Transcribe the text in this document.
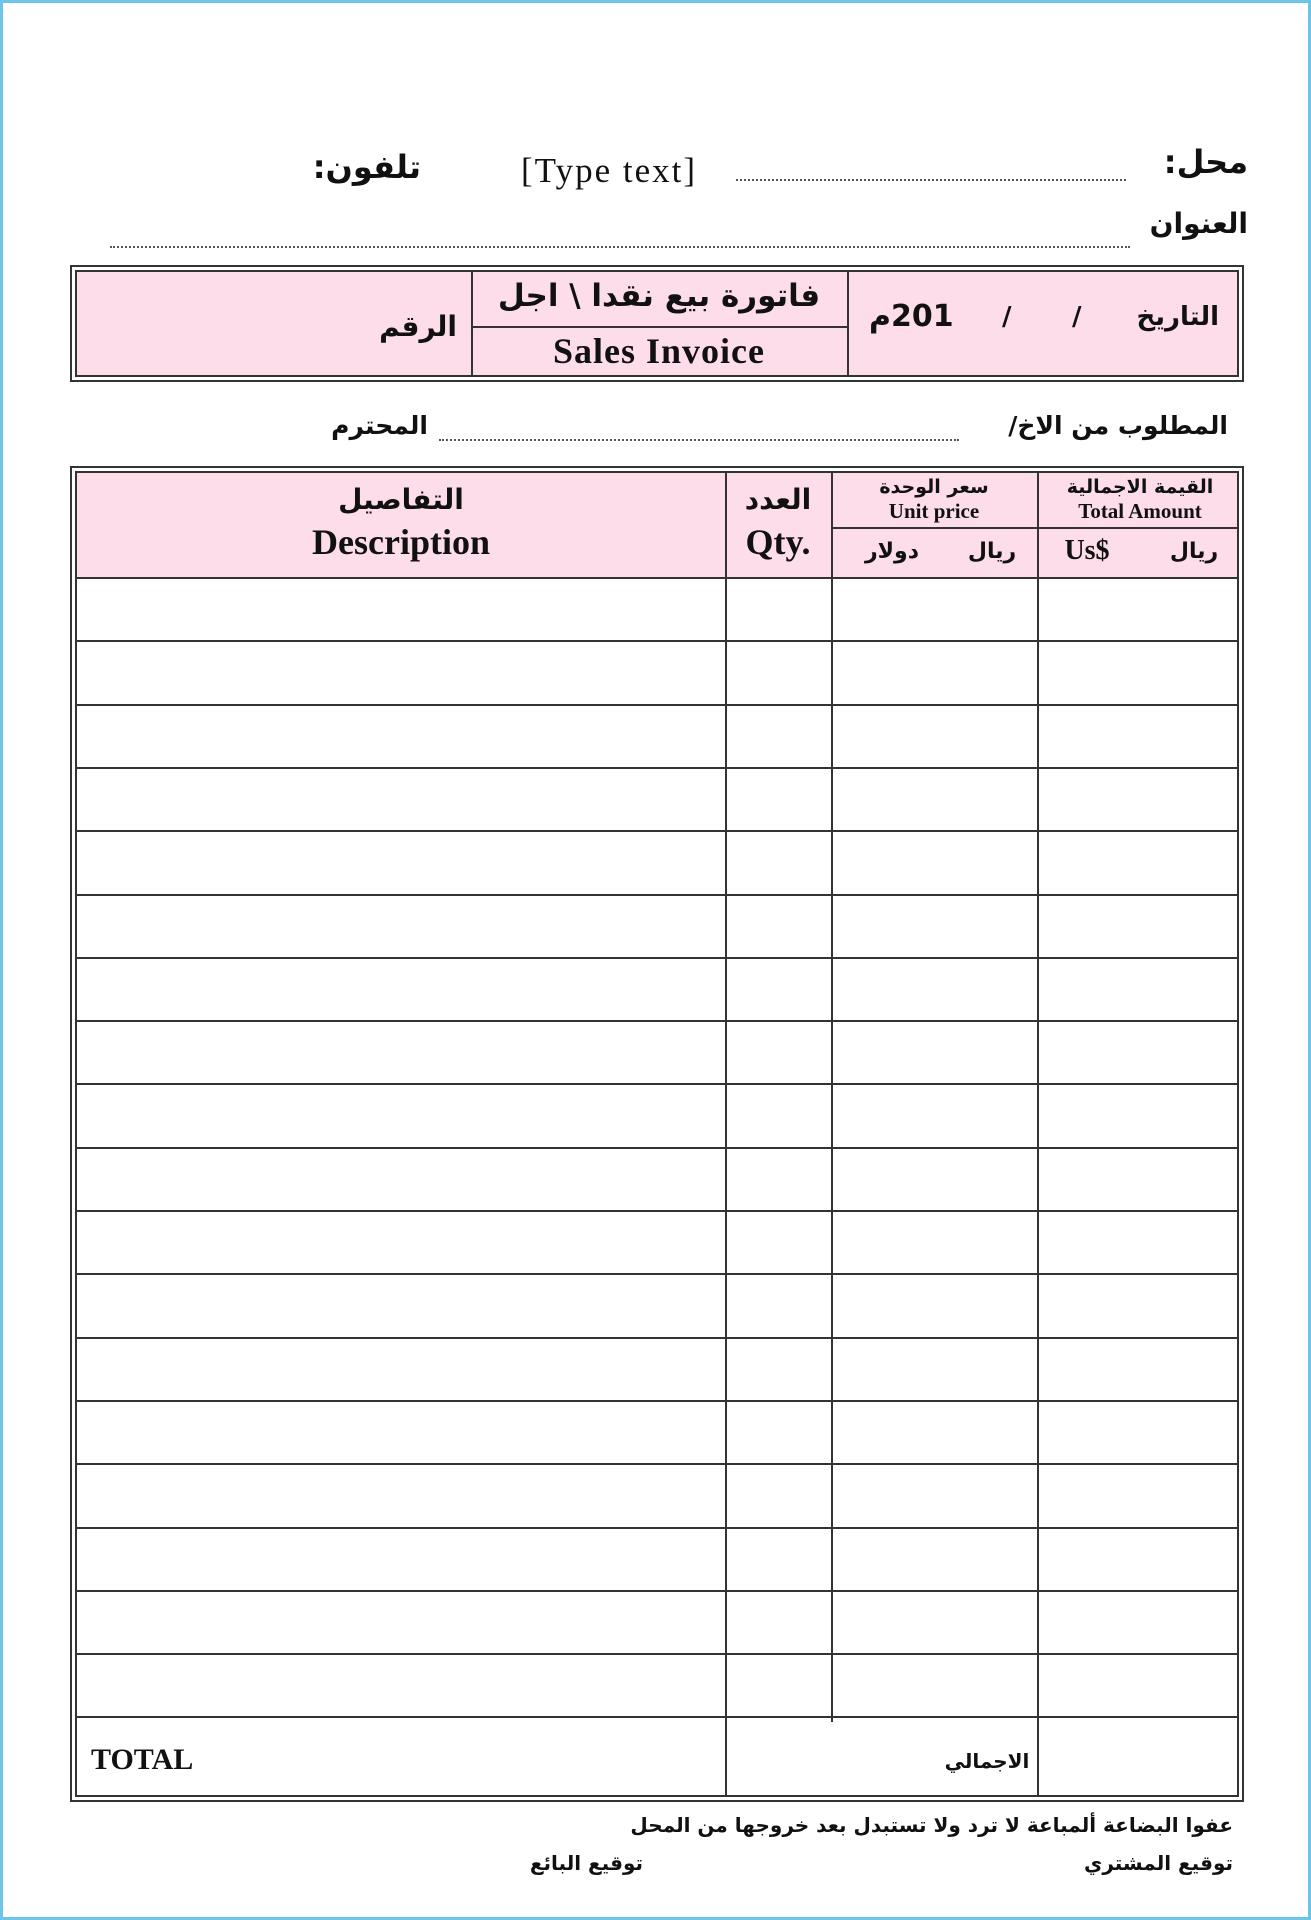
محل:
[Type text]
تلفون:
العنوان
التاريخ
/
/
201م
فاتورة بيع نقدا \ اجل
Sales Invoice
الرقم
المطلوب من الاخ/
المحترم
التفاصيل
Description
العدد
Qty.
سعر الوحدة
Unit price
ريال
دولار
القيمة الاجمالية
Total Amount
Us$	ريال
TOTAL	الاجمالي
عفوا البضاعة ألمباعة لا ترد ولا تستبدل بعد خروجها من المحل
توقيع المشتري
توقيع البائع
